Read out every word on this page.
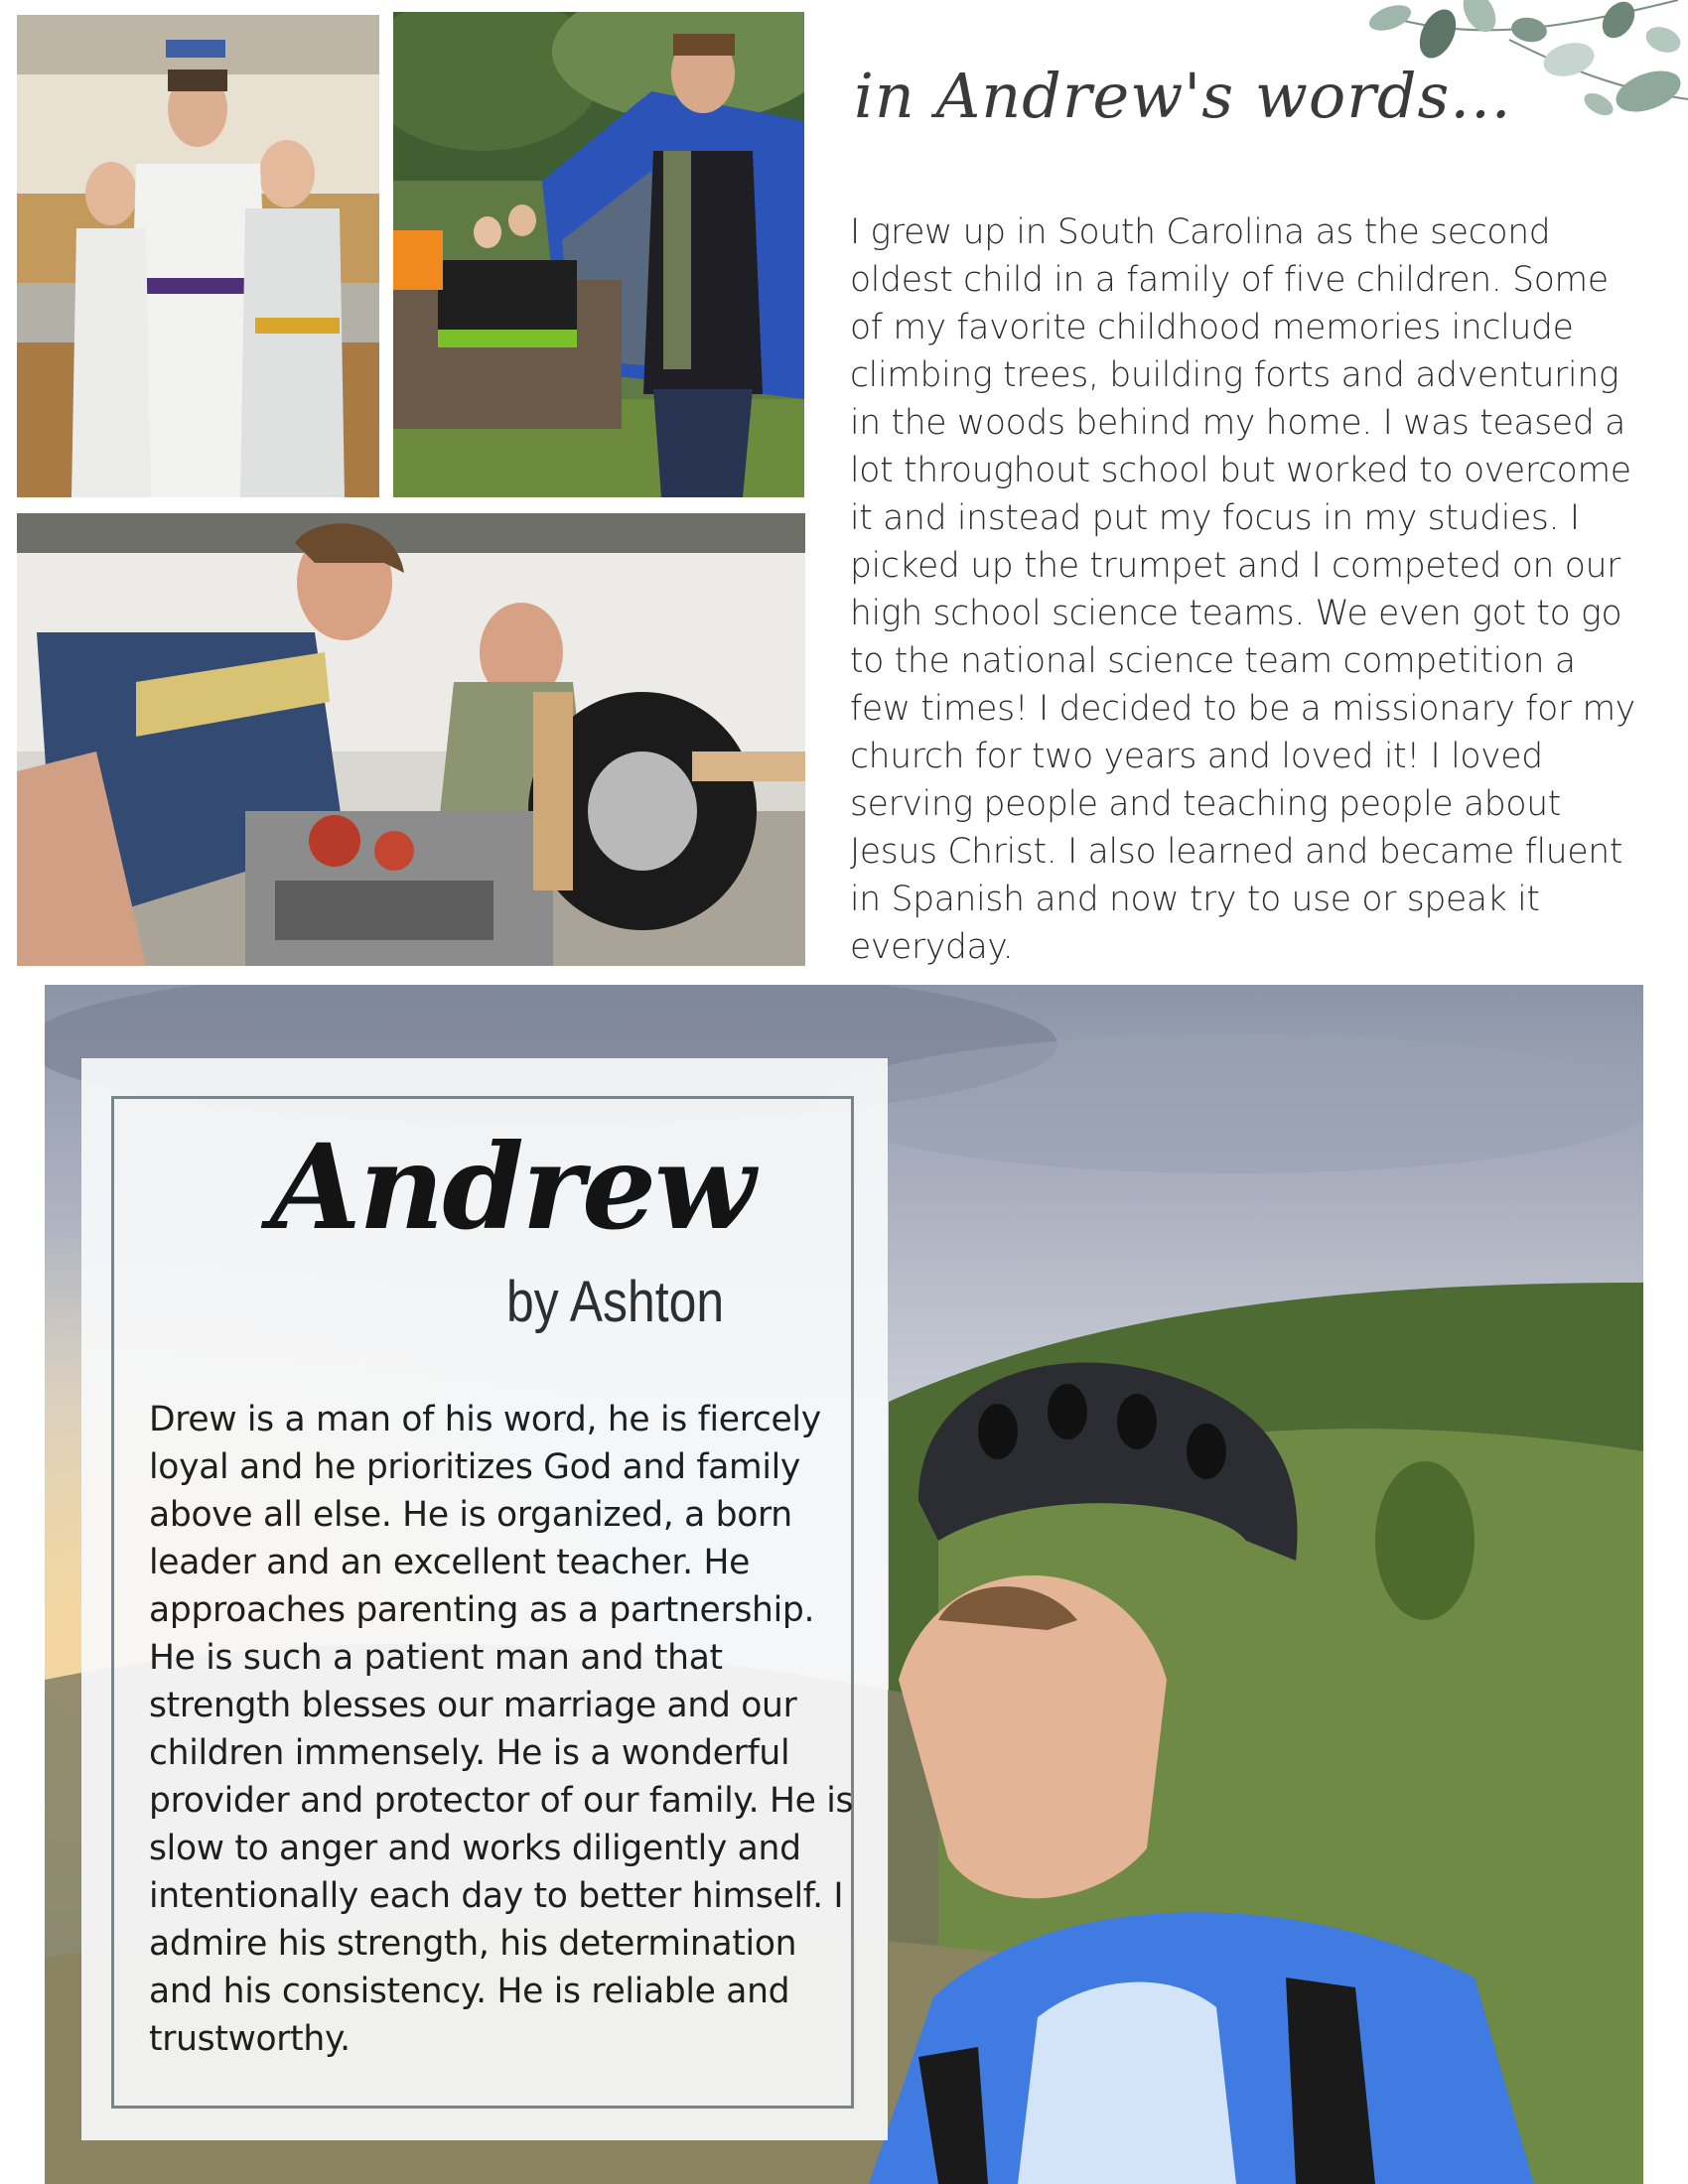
in Andrew's words...
I grew up in South Carolina as the second oldest child in a family of five children. Some of my favorite childhood memories include climbing trees, building forts and adventuring in the woods behind my home. I was teased a lot throughout school but worked to overcome it and instead put my focus in my studies. I picked up the trumpet and I competed on our high school science teams. We even got to go to the national science team competition a few times! I decided to be a missionary for my church for two years and loved it! I loved serving people and teaching people about Jesus Christ. I also learned and became fluent in Spanish and now try to use or speak it everyday.
Andrew
by Ashton
Drew is a man of his word, he is fiercely loyal and he prioritizes God and family above all else. He is organized, a born leader and an excellent teacher. He approaches parenting as a partnership. He is such a patient man and that strength blesses our marriage and our children immensely. He is a wonderful provider and protector of our family. He is slow to anger and works diligently and intentionally each day to better himself. I admire his strength, his determination and his consistency. He is reliable and trustworthy.
